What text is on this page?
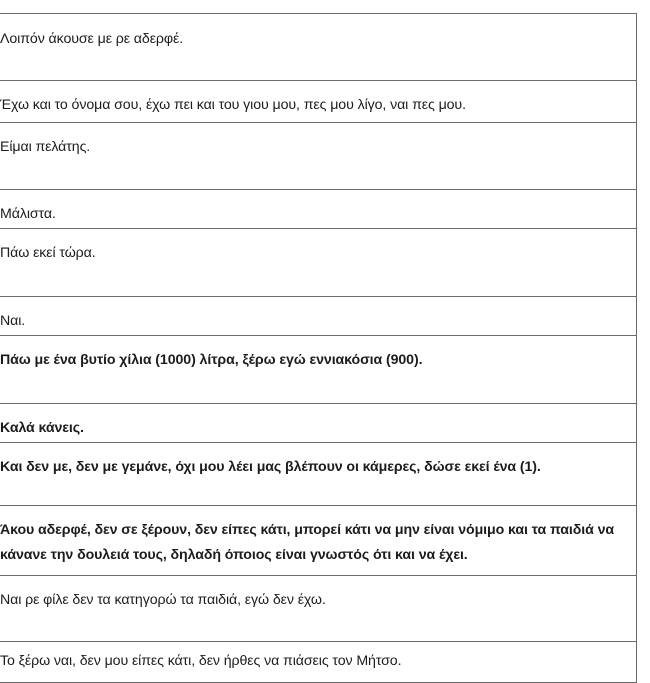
Λοιπόν άκουσε με ρε αδερφέ.
Έχω και το όνομα σου, έχω πει και του γιου μου, πες μου λίγο, ναι πες μου.
Είμαι πελάτης.
Μάλιστα.
Πάω εκεί τώρα.
Ναι.
Πάω με ένα βυτίο χίλια (1000) λίτρα, ξέρω εγώ εννιακόσια (900).
Καλά κάνεις.
Και δεν με, δεν με γεμάνε, όχι μου λέει μας βλέπουν οι κάμερες, δώσε εκεί ένα (1).
Άκου αδερφέ, δεν σε ξέρουν, δεν είπες κάτι, μπορεί κάτι να μην είναι νόμιμο και τα παιδιά να κάνανε την δουλειά τους, δηλαδή όποιος είναι γνωστός ότι και να έχει.
Ναι ρε φίλε δεν τα κατηγορώ τα παιδιά, εγώ δεν έχω.
Το ξέρω ναι, δεν μου είπες κάτι, δεν ήρθες να πιάσεις τον Μήτσο.
